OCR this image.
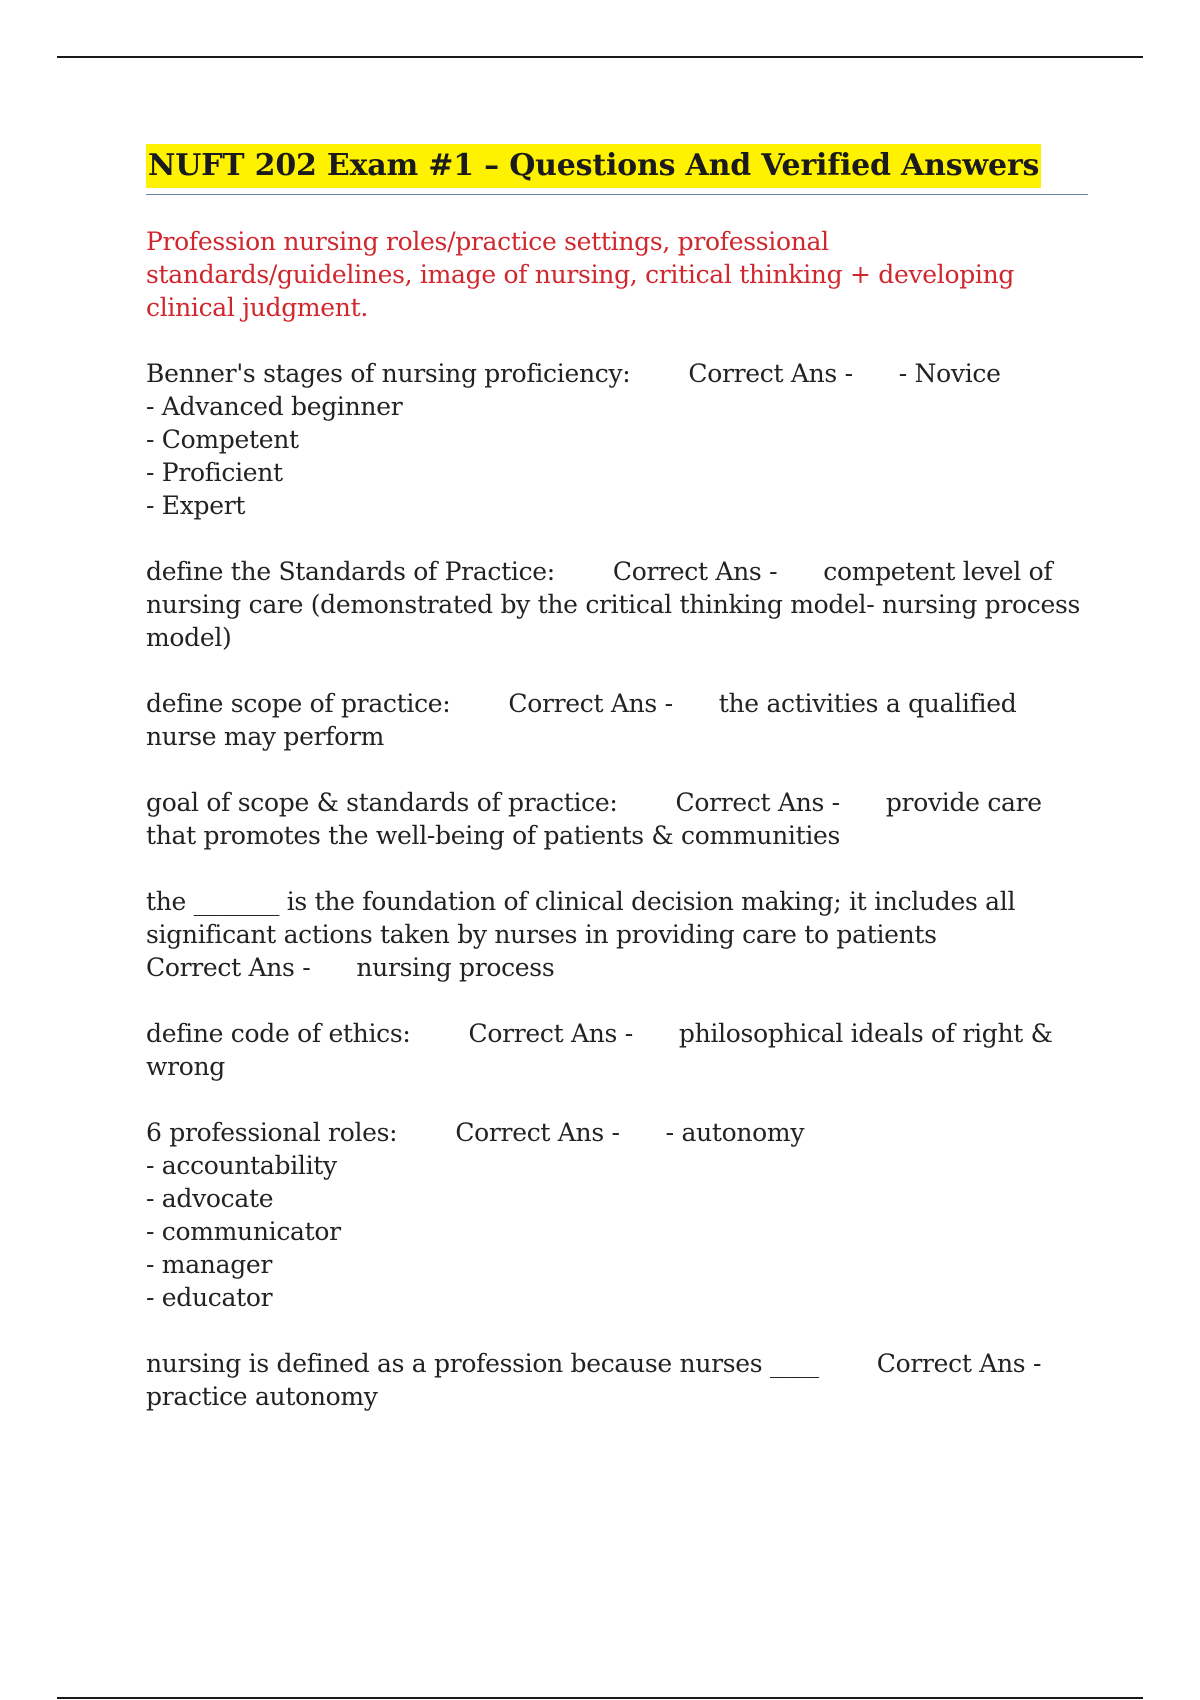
NUFT 202 Exam #1 – Questions And Verified Answers
Profession nursing roles/practice settings, professional standards/guidelines, image of nursing, critical thinking + developing clinical judgment.
Benner's stages of nursing proficiency: Correct Ans - - Novice
- Advanced beginner
- Competent
- Proficient
- Expert
define the Standards of Practice: Correct Ans - competent level of nursing care (demonstrated by the critical thinking model- nursing process model)
define scope of practice: Correct Ans - the activities a qualified nurse may perform
goal of scope & standards of practice: Correct Ans - provide care that promotes the well-being of patients & communities
the _______ is the foundation of clinical decision making; it includes all significant actions taken by nurses in providing care to patients
Correct Ans - nursing process
define code of ethics: Correct Ans - philosophical ideals of right & wrong
6 professional roles: Correct Ans - - autonomy
- accountability
- advocate
- communicator
- manager
- educator
nursing is defined as a profession because nurses ____ Correct Ans -
practice autonomy
